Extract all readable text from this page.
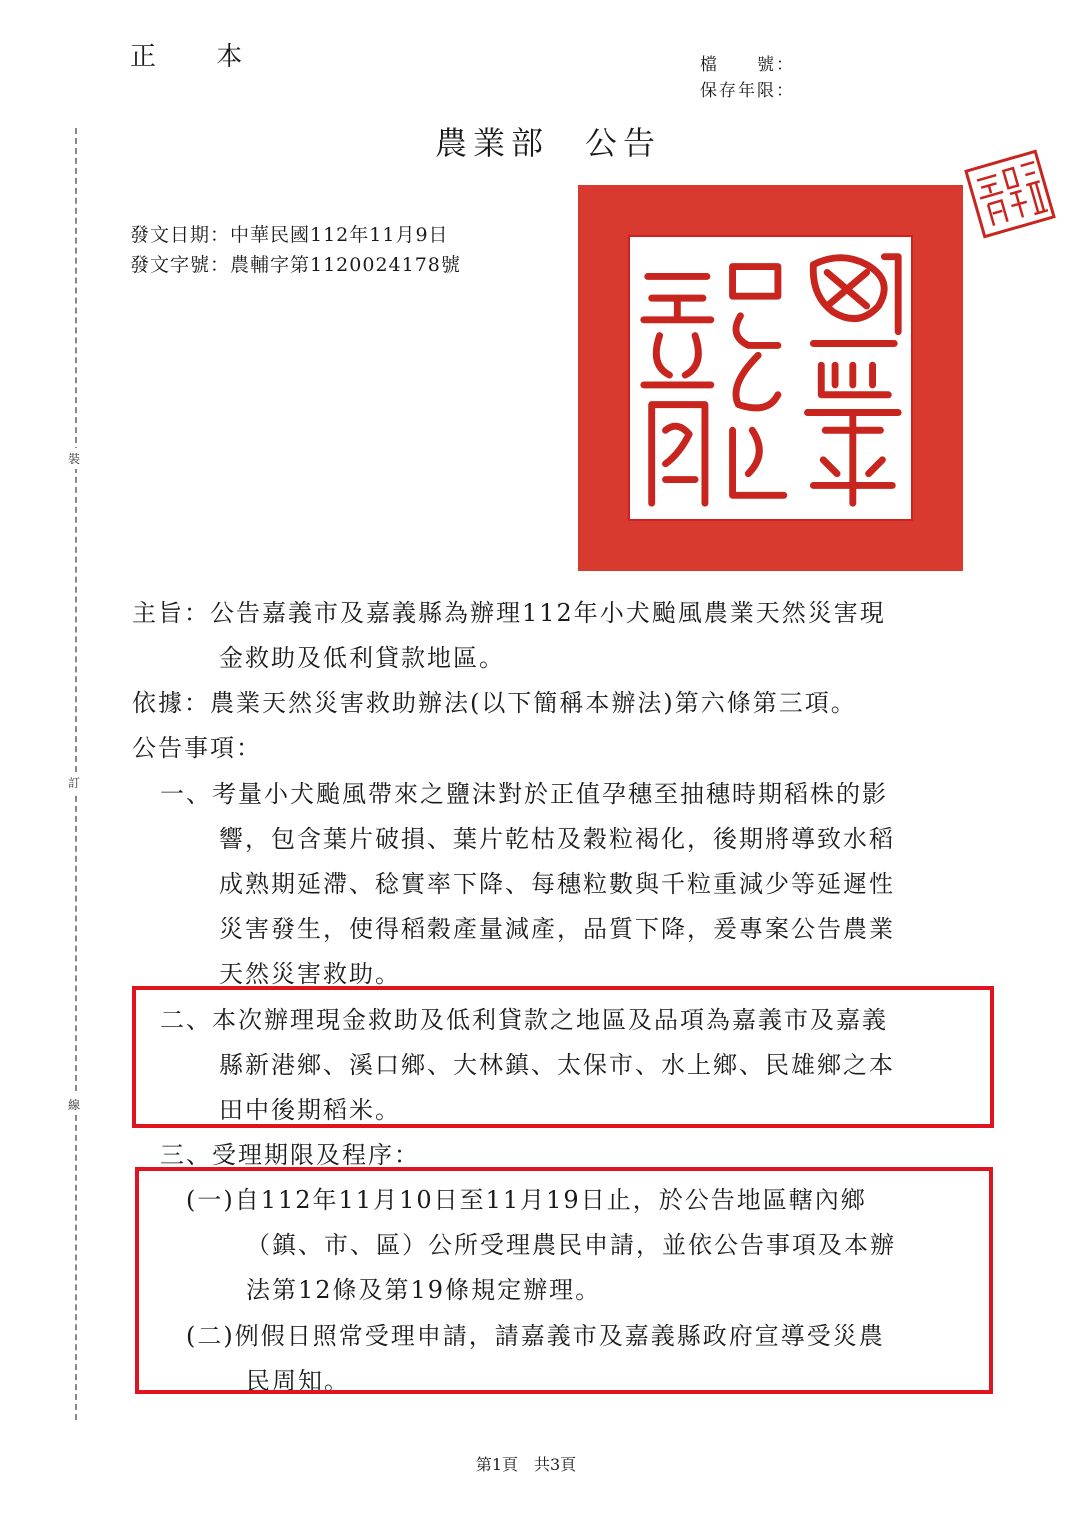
正 本	檔　　號：
保存年限：
農業部 公告
發文日期：中華民國112年11月9日
發文字號：農輔字第1120024178號
裝
訂
線
主旨：公告嘉義市及嘉義縣為辦理112年小犬颱風農業天然災害現
金救助及低利貸款地區。
依據：農業天然災害救助辦法(以下簡稱本辦法)第六條第三項。
公告事項：
一、考量小犬颱風帶來之鹽沫對於正值孕穗至抽穗時期稻株的影
響，包含葉片破損、葉片乾枯及穀粒褐化，後期將導致水稻
成熟期延滯、稔實率下降、每穗粒數與千粒重減少等延遲性
災害發生，使得稻穀產量減產，品質下降，爰專案公告農業
天然災害救助。
二、本次辦理現金救助及低利貸款之地區及品項為嘉義市及嘉義
縣新港鄉、溪口鄉、大林鎮、太保市、水上鄉、民雄鄉之本
田中後期稻米。
三、受理期限及程序：
(一)自112年11月10日至11月19日止，於公告地區轄內鄉
（鎮、市、區）公所受理農民申請，並依公告事項及本辦
法第12條及第19條規定辦理。
(二)例假日照常受理申請，請嘉義市及嘉義縣政府宣導受災農
民周知。
第1頁　共3頁
